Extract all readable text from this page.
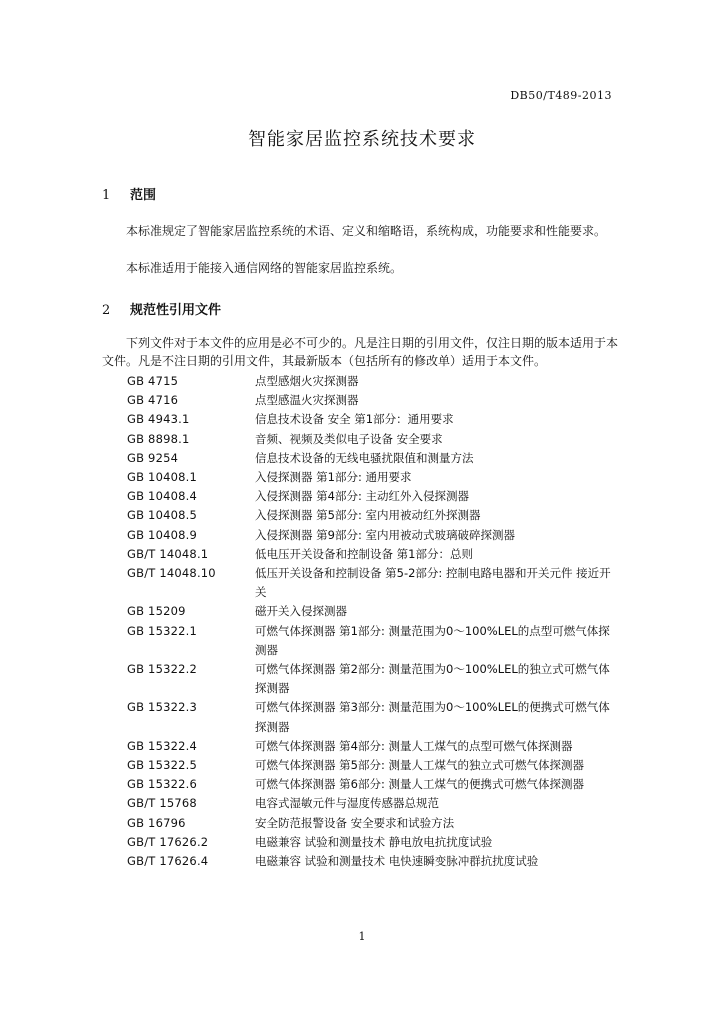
DB50/T489-2013
智能家居监控系统技术要求
1 范围
本标准规定了智能家居监控系统的术语、定义和缩略语，系统构成，功能要求和性能要求。
本标准适用于能接入通信网络的智能家居监控系统。
2 规范性引用文件
下列文件对于本文件的应用是必不可少的。凡是注日期的引用文件，仅注日期的版本适用于本文件。凡是不注日期的引用文件，其最新版本（包括所有的修改单）适用于本文件。
GB 4715	点型感烟火灾探测器
GB 4716	点型感温火灾探测器
GB 4943.1	信息技术设备 安全 第1部分：通用要求
GB 8898.1	音频、视频及类似电子设备 安全要求
GB 9254	信息技术设备的无线电骚扰限值和测量方法
GB 10408.1	入侵探测器 第1部分: 通用要求
GB 10408.4	入侵探测器 第4部分: 主动红外入侵探测器
GB 10408.5	入侵探测器 第5部分: 室内用被动红外探测器
GB 10408.9	入侵探测器 第9部分: 室内用被动式玻璃破碎探测器
GB/T 14048.1	低电压开关设备和控制设备 第1部分：总则
GB/T 14048.10	低压开关设备和控制设备 第5-2部分: 控制电路电器和开关元件 接近开关
GB 15209	磁开关入侵探测器
GB 15322.1	可燃气体探测器 第1部分: 测量范围为0～100%LEL的点型可燃气体探测器
GB 15322.2	可燃气体探测器 第2部分: 测量范围为0～100%LEL的独立式可燃气体探测器
GB 15322.3	可燃气体探测器 第3部分: 测量范围为0～100%LEL的便携式可燃气体探测器
GB 15322.4	可燃气体探测器 第4部分: 测量人工煤气的点型可燃气体探测器
GB 15322.5	可燃气体探测器 第5部分: 测量人工煤气的独立式可燃气体探测器
GB 15322.6	可燃气体探测器 第6部分: 测量人工煤气的便携式可燃气体探测器
GB/T 15768	电容式湿敏元件与湿度传感器总规范
GB 16796	安全防范报警设备 安全要求和试验方法
GB/T 17626.2	电磁兼容 试验和测量技术 静电放电抗扰度试验
GB/T 17626.4	电磁兼容 试验和测量技术 电快速瞬变脉冲群抗扰度试验
1
